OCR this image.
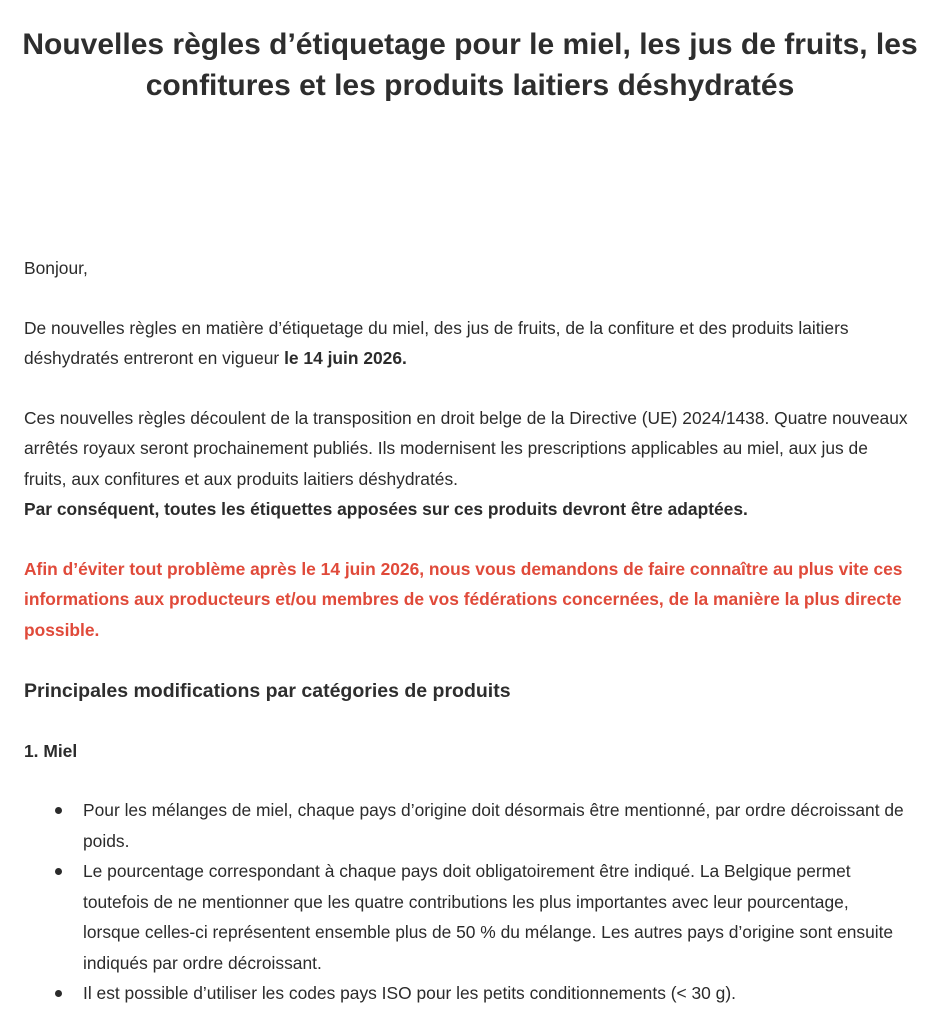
Nouvelles règles d’étiquetage pour le miel, les jus de fruits, les confitures et les produits laitiers déshydratés

Bonjour,

De nouvelles règles en matière d’étiquetage du miel, des jus de fruits, de la confiture et des produits laitiers déshydratés entreront en vigueur le 14 juin 2026.

Ces nouvelles règles découlent de la transposition en droit belge de la Directive (UE) 2024/1438. Quatre nouveaux arrêtés royaux seront prochainement publiés. Ils modernisent les prescriptions applicables au miel, aux jus de fruits, aux confitures et aux produits laitiers déshydratés.
Par conséquent, toutes les étiquettes apposées sur ces produits devront être adaptées.

Afin d’éviter tout problème après le 14 juin 2026, nous vous demandons de faire connaître au plus vite ces informations aux producteurs et/ou membres de vos fédérations concernées, de la manière la plus directe possible.

Principales modifications par catégories de produits

1. Miel

Pour les mélanges de miel, chaque pays d’origine doit désormais être mentionné, par ordre décroissant de poids.
Le pourcentage correspondant à chaque pays doit obligatoirement être indiqué. La Belgique permet toutefois de ne mentionner que les quatre contributions les plus importantes avec leur pourcentage, lorsque celles-ci représentent ensemble plus de 50 % du mélange. Les autres pays d’origine sont ensuite indiqués par ordre décroissant.
Il est possible d’utiliser les codes pays ISO pour les petits conditionnements (< 30 g).
